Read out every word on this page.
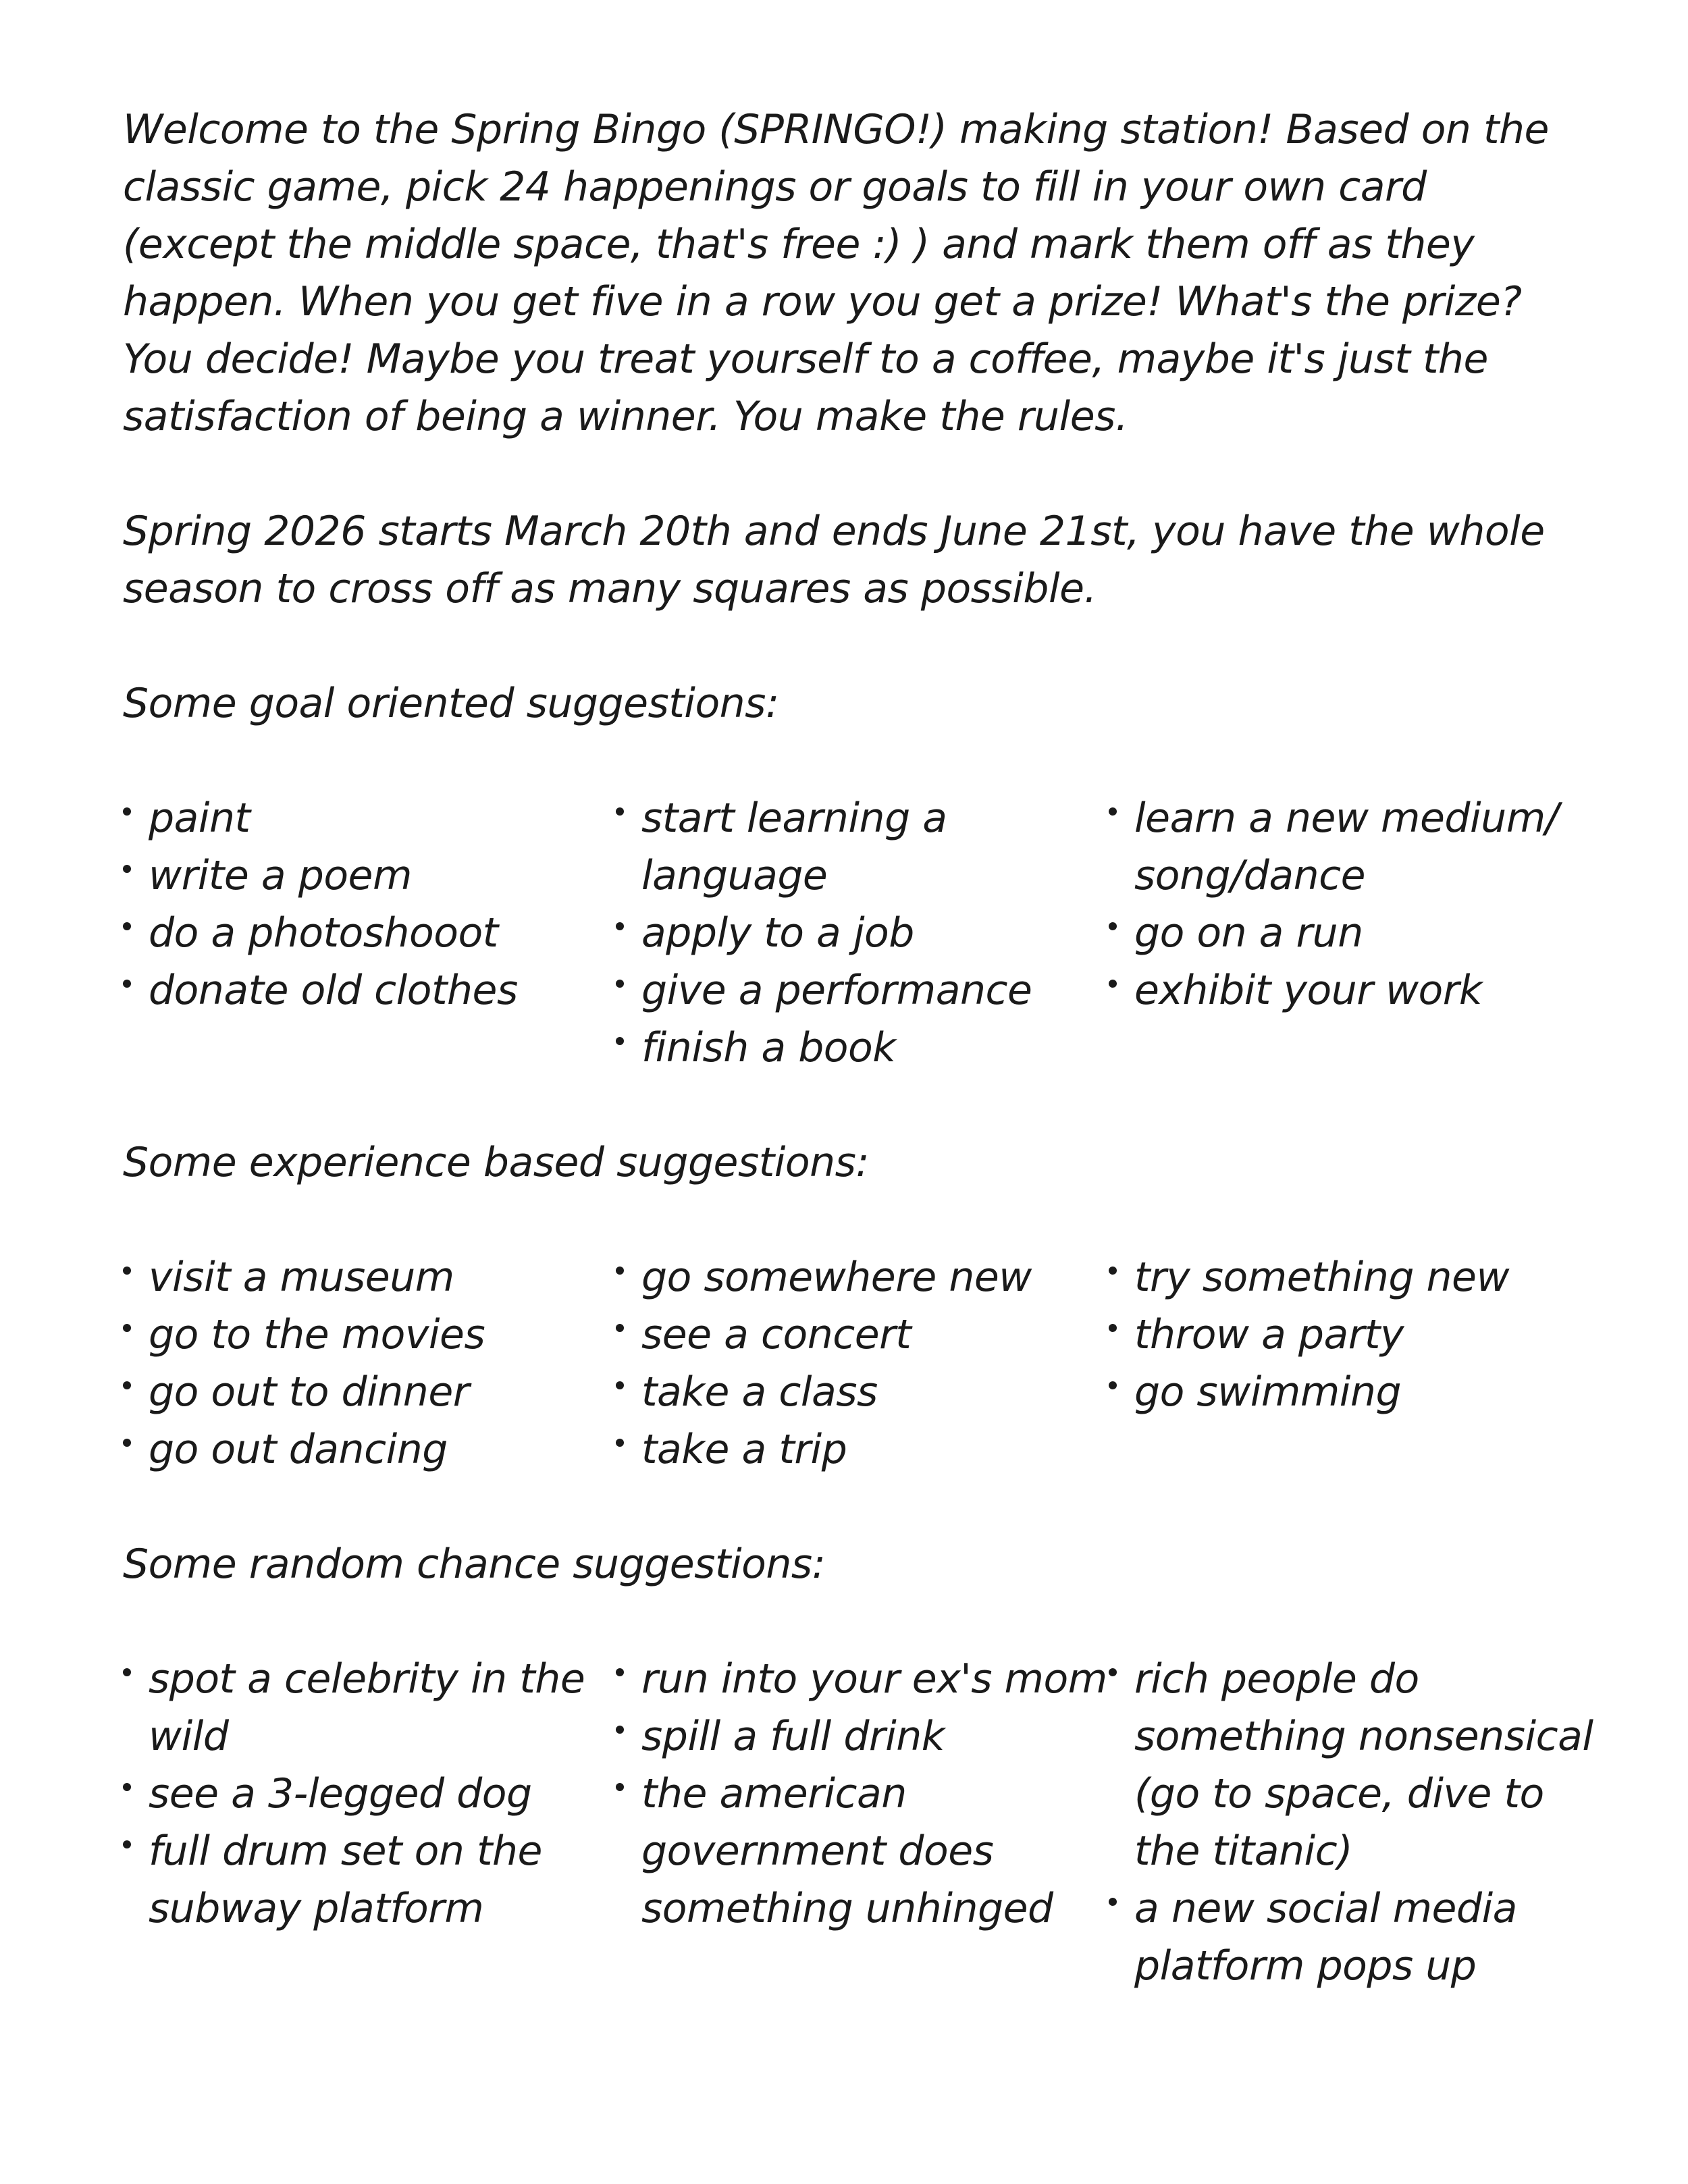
Welcome to the Spring Bingo (SPRINGO!) making station! Based on the classic game, pick 24 happenings or goals to fill in your own card (except the middle space, that's free :) ) and mark them off as they happen. When you get five in a row you get a prize! What's the prize? You decide! Maybe you treat yourself to a coffee, maybe it's just the satisfaction of being a winner. You make the rules.

Spring 2026 starts March 20th and ends June 21st, you have the whole season to cross off as many squares as possible.

Some goal oriented suggestions:
paint
write a poem
do a photoshooot
donate old clothes
start learning a language
apply to a job
give a performance
finish a book
learn a new medium/ song/dance
go on a run
exhibit your work
Some experience based suggestions:
visit a museum
go to the movies
go out to dinner
go out dancing
go somewhere new
see a concert
take a class
take a trip
try something new
throw a party
go swimming
Some random chance suggestions:
spot a celebrity in the wild
see a 3-legged dog
full drum set on the subway platform
run into your ex's mom
spill a full drink
the american government does something unhinged
rich people do something nonsensical (go to space, dive to the titanic)
a new social media platform pops up
